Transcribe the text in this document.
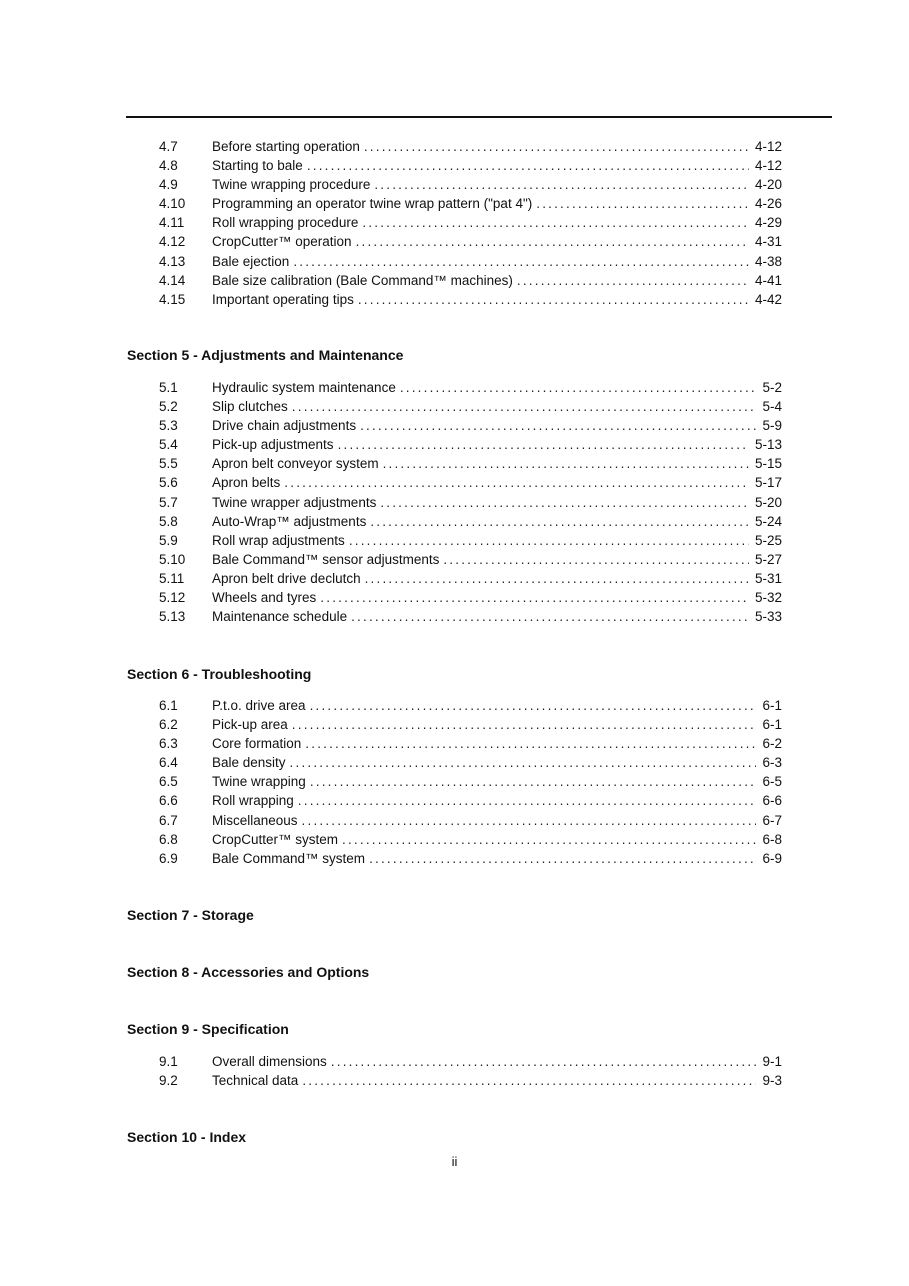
4.7	Before starting operation .....	4-12
4.8	Starting to bale .....	4-12
4.9	Twine wrapping procedure .....	4-20
4.10 Programming an operator twine wrap pattern ("pat 4") .....	4-26
4.11 Roll wrapping procedure .....	4-29
4.12 CropCutter™ operation .....	4-31
4.13 Bale ejection .....	4-38
4.14 Bale size calibration (Bale Command™ machines) .....	4-41
4.15 Important operating tips .....	4-42
Section 5 - Adjustments and Maintenance
5.1	Hydraulic system maintenance .....	5-2
5.2	Slip clutches .....	5-4
5.3	Drive chain adjustments .....	5-9
5.4	Pick-up adjustments .....	5-13
5.5	Apron belt conveyor system .....	5-15
5.6	Apron belts .....	5-17
5.7	Twine wrapper adjustments .....	5-20
5.8	Auto-Wrap™ adjustments .....	5-24
5.9	Roll wrap adjustments .....	5-25
5.10 Bale Command™ sensor adjustments .....	5-27
5.11 Apron belt drive declutch .....	5-31
5.12 Wheels and tyres .....	5-32
5.13 Maintenance schedule .....	5-33
Section 6 - Troubleshooting
6.1	P.t.o. drive area .....	6-1
6.2	Pick-up area .....	6-1
6.3	Core formation .....	6-2
6.4	Bale density .....	6-3
6.5	Twine wrapping .....	6-5
6.6	Roll wrapping .....	6-6
6.7	Miscellaneous .....	6-7
6.8	CropCutter™ system .....	6-8
6.9	Bale Command™ system .....	6-9
Section 7 - Storage
Section 8 - Accessories and Options
Section 9 - Specification
9.1	Overall dimensions .....	9-1
9.2	Technical data .....	9-3
Section 10 - Index
ii
